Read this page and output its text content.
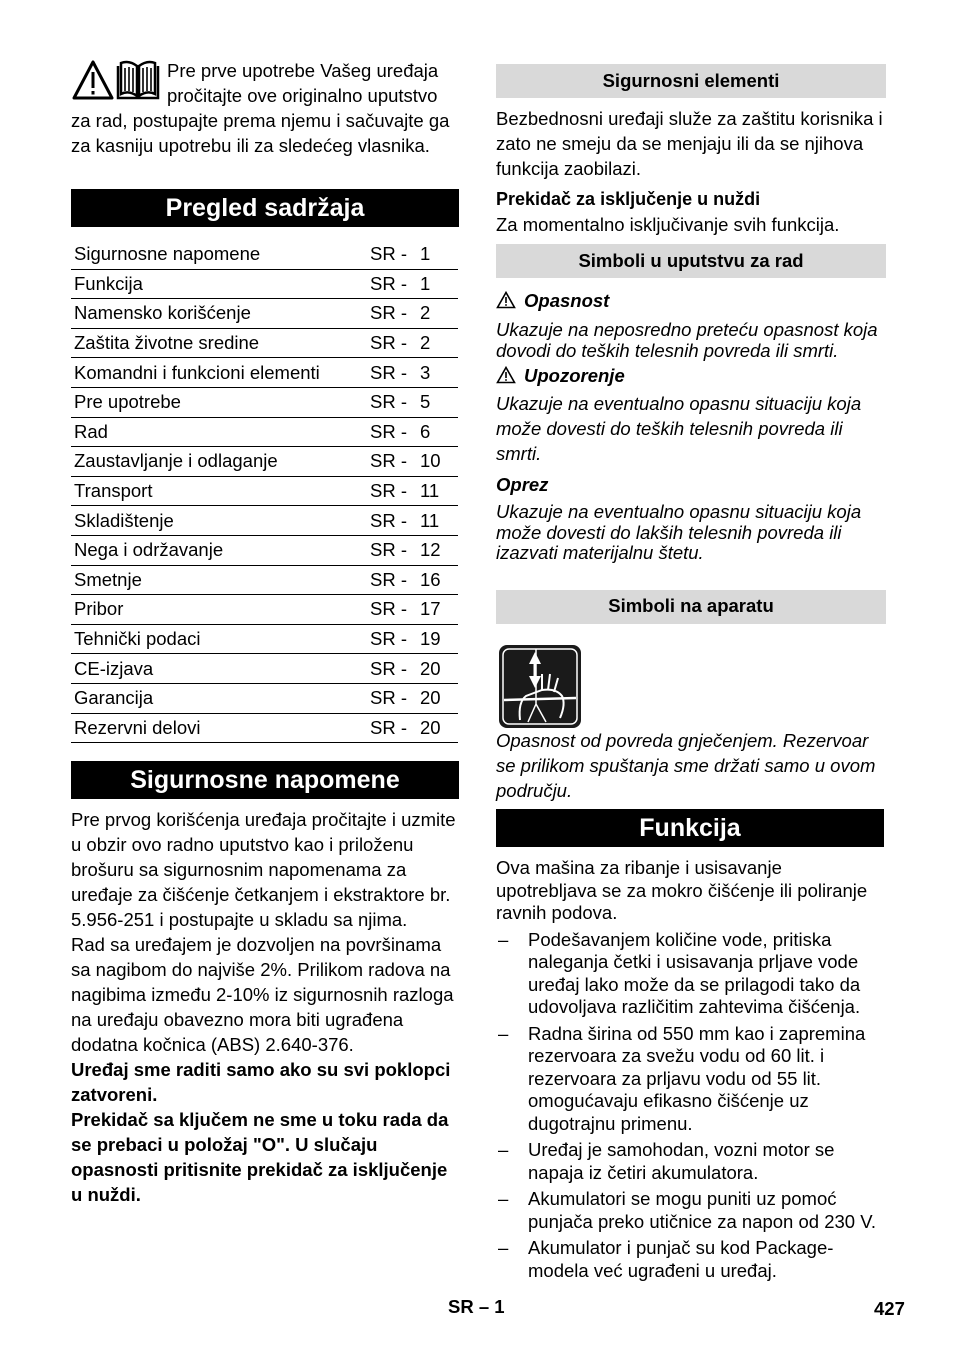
Pre prve upotrebe Vašeg uređaja pročitajte ove originalno uputstvo za rad, postupajte prema njemu i sačuvajte ga za kasniju upotrebu ili za sledećeg vlasnika.
Pregled sadržaja
Sigurnosne napomene	SR -	1
Funkcija	SR -	1
Namensko korišćenje	SR -	2
Zaštita životne sredine	SR -	2
Komandni i funkcioni elementi	SR -	3
Pre upotrebe	SR -	5
Rad	SR -	6
Zaustavljanje i odlaganje	SR -	10
Transport	SR -	11
Skladištenje	SR -	11
Nega i održavanje	SR -	12
Smetnje	SR -	16
Pribor	SR -	17
Tehnički podaci	SR -	19
CE-izjava	SR -	20
Garancija	SR -	20
Rezervni delovi	SR -	20
Sigurnosne napomene

Pre prvog korišćenja uređaja pročitajte i uzmite u obzir ovo radno uputstvo kao i priloženu brošuru sa sigurnosnim napomenama za uređaje za čišćenje četkanjem i ekstraktore br. 5.956-251 i postupajte u skladu sa njima.

Rad sa uređajem je dozvoljen na površinama sa nagibom do najviše 2%. Prilikom radova na nagibima između 2-10% iz sigurnosnih razloga na uređaju obavezno mora biti ugrađena dodatna kočnica (ABS) 2.640-376.

Uređaj sme raditi samo ako su svi poklopci zatvoreni.

Prekidač sa ključem ne sme u toku rada da se prebaci u položaj "O". U slučaju opasnosti pritisnite prekidač za isključenje u nuždi.

Sigurnosni elementi

Bezbednosni uređaji služe za zaštitu korisnika i zato ne smeju da se menjaju ili da se njihova funkcija zaobilazi.

Prekidač za isključenje u nuždi

Za momentalno isključivanje svih funkcija.

Simboli u uputstvu za rad

Opasnost

Ukazuje na neposredno preteću opasnost koja dovodi do teških telesnih povreda ili smrti.

Upozorenje

Ukazuje na eventualno opasnu situaciju koja može dovesti do teških telesnih povreda ili smrti.

Oprez

Ukazuje na eventualno opasnu situaciju koja može dovesti do lakših telesnih povreda ili izazvati materijalnu štetu.

Simboli na aparatu

Opasnost od povreda gnječenjem. Rezervoar se prilikom spuštanja sme držati samo u ovom području.

Funkcija

Ova mašina za ribanje i usisavanje upotrebljava se za mokro čišćenje ili poliranje ravnih podova.

– Podešavanjem količine vode, pritiska naleganja četki i usisavanja prljave vode uređaj lako može da se prilagodi tako da udovoljava različitim zahtevima čišćenja.
– Radna širina od 550 mm kao i zapremina rezervoara za svežu vodu od 60 lit. i rezervoara za prljavu vodu od 55 lit. omogućavaju efikasno čišćenje uz dugotrajnu primenu.
– Uređaj je samohodan, vozni motor se napaja iz četiri akumulatora.
– Akumulatori se mogu puniti uz pomoć punjača preko utičnice za napon od 230 V.
– Akumulator i punjač su kod Package-modela već ugrađeni u uređaj.
SR – 1	427
